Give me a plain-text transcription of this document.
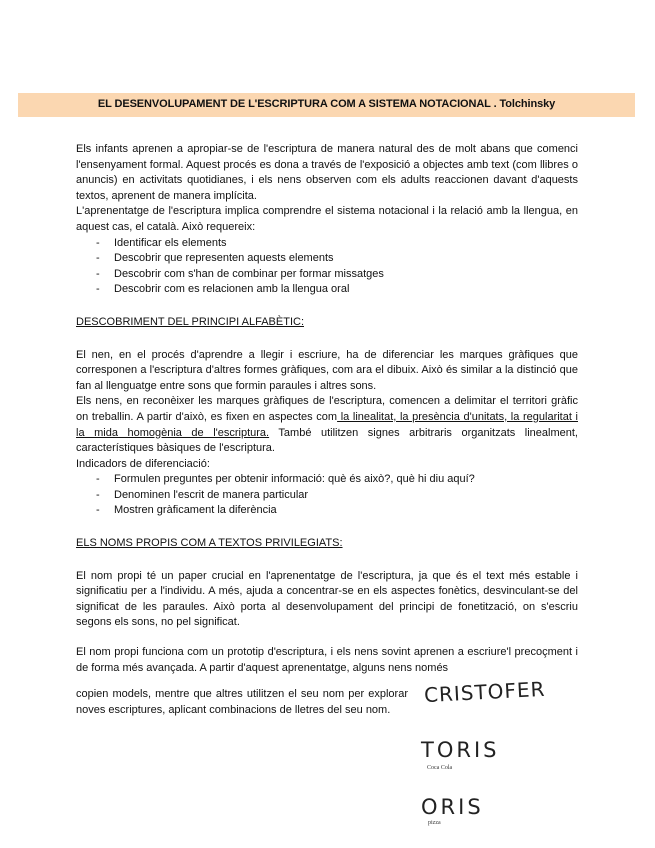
EL DESENVOLUPAMENT DE L'ESCRIPTURA COM A SISTEMA NOTACIONAL . Tolchinsky

Els infants aprenen a apropiar-se de l'escriptura de manera natural des de molt abans que comenci l'ensenyament formal. Aquest procés es dona a través de l'exposició a objectes amb text (com llibres o anuncis) en activitats quotidianes, i els nens observen com els adults reaccionen davant d'aquests textos, aprenent de manera implícita.

L'aprenentatge de l'escriptura implica comprendre el sistema notacional i la relació amb la llengua, en aquest cas, el català. Això requereix:

- Identificar els elements
- Descobrir que representen aquests elements
- Descobrir com s'han de combinar per formar missatges
- Descobrir com es relacionen amb la llengua oral

DESCOBRIMENT DEL PRINCIPI ALFABÈTIC:

El nen, en el procés d'aprendre a llegir i escriure, ha de diferenciar les marques gràfiques que corresponen a l'escriptura d'altres formes gràfiques, com ara el dibuix. Això és similar a la distinció que fan al llenguatge entre sons que formin paraules i altres sons.

Els nens, en reconèixer les marques gràfiques de l'escriptura, comencen a delimitar el territori gràfic on treballin. A partir d'això, es fixen en aspectes com la linealitat, la presència d'unitats, la regularitat i la mida homogènia de l'escriptura. També utilitzen signes arbitraris organitzats linealment, característiques bàsiques de l'escriptura.

Indicadors de diferenciació:

- Formulen preguntes per obtenir informació: què és això?, què hi diu aquí?
- Denominen l'escrit de manera particular
- Mostren gràficament la diferència

ELS NOMS PROPIS COM A TEXTOS PRIVILEGIATS:

El nom propi té un paper crucial en l'aprenentatge de l'escriptura, ja que és el text més estable i significatiu per a l'individu. A més, ajuda a concentrar-se en els aspectes fonètics, desvinculant-se del significat de les paraules. Això porta al desenvolupament del principi de fonetització, on s'escriu segons els sons, no pel significat.

El nom propi funciona com un prototip d'escriptura, i els nens sovint aprenen a escriure'l precoçment i de forma més avançada. A partir d'aquest aprenentatge, alguns nens només

copien models, mentre que altres utilitzen el seu nom per explorar noves escriptures, aplicant combinacions de lletres del seu nom.

CRISTOFER
TORIS
Coca Cola
ORIS
pizza
